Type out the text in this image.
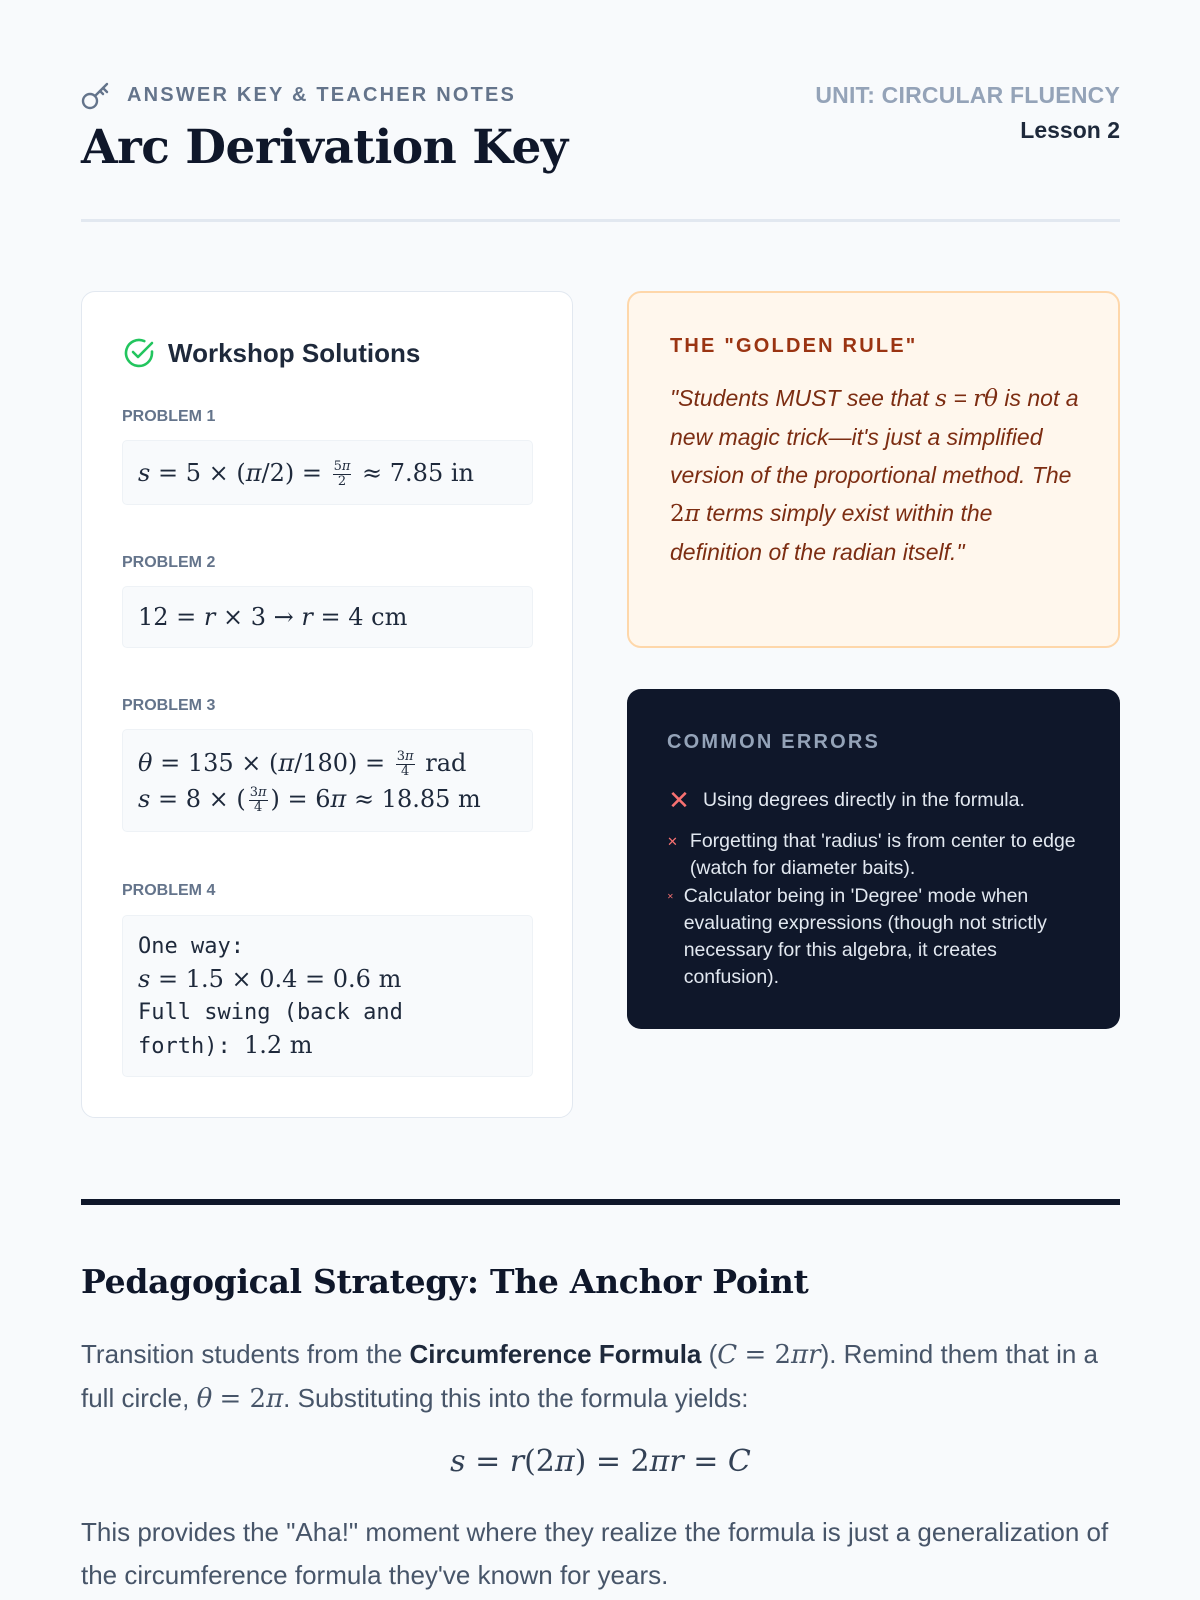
ANSWER KEY & TEACHER NOTES
Arc Derivation Key
UNIT: CIRCULAR FLUENCY
Lesson 2
Workshop Solutions
PROBLEM 1
$s = 5 \times (\pi/2) = \frac{5\pi}{2} \approx 7.85$ in
PROBLEM 2
12 = r × 3 → r = 4 cm
PROBLEM 3
$\theta = 135 \times (\pi/180) = \frac{3\pi}{4}$ rad
s = 8 × ( $\frac{3\pi}{4}$ ) = 6π ≈ 18.85 m
PROBLEM 4
One way:
s = 1.5 × 0.4 = 0.6 m
Full swing (back and
forth): 1.2 m
THE "GOLDEN RULE"
"Students MUST see that s = rθ is not a new magic trick—it's just a simplified version of the proportional method. The 2π terms simply exist within the definition of the radian itself."
COMMON ERRORS
✕ Using degrees directly in the formula.
✕ Forgetting that 'radius' is from center to edge (watch for diameter baits).
✕ Calculator being in 'Degree' mode when evaluating expressions (though not strictly necessary for this algebra, it creates confusion).
Pedagogical Strategy: The Anchor Point

Transition students from the Circumference Formula (C = 2πr). Remind them that in a full circle, θ = 2π. Substituting this into the formula yields:

s = r(2π) = 2πr = C

This provides the "Aha!" moment where they realize the formula is just a generalization of the circumference formula they've known for years.
